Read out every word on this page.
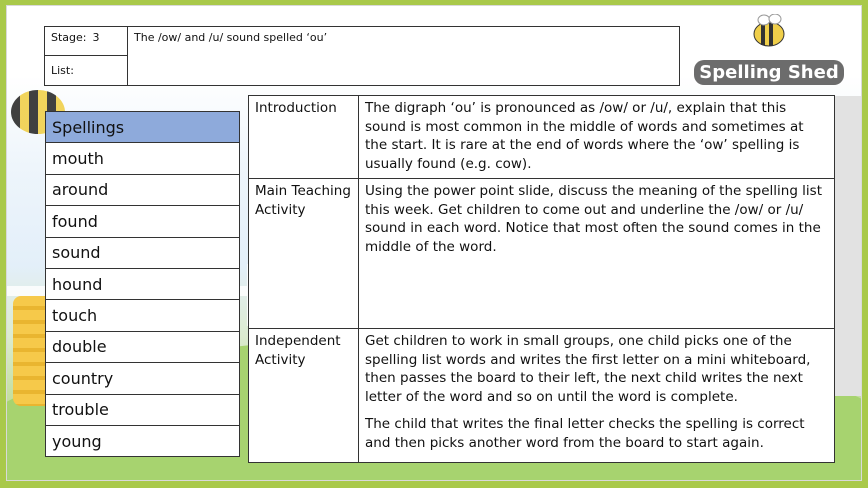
Stage: 3
List:
The /ow/ and /u/ sound spelled ‘ou’
Spelling Shed
Spellings
mouth
around
found
sound
hound
touch
double
country
trouble
young
Introduction	The digraph ‘ou’ is pronounced as /ow/ or /u/, explain that this sound is most common in the middle of words and sometimes at the start. It is rare at the end of words where the ‘ow’ spelling is usually found (e.g. cow).

Main Teaching Activity	Using the power point slide, discuss the meaning of the spelling list this week. Get children to come out and underline the /ow/ or /u/ sound in each word. Notice that most often the sound comes in the middle of the word.

Independent Activity	Get children to work in small groups, one child picks one of the spelling list words and writes the first letter on a mini whiteboard, then passes the board to their left, the next child writes the next letter of the word and so on until the word is complete.

The child that writes the final letter checks the spelling is correct and then picks another word from the board to start again.
